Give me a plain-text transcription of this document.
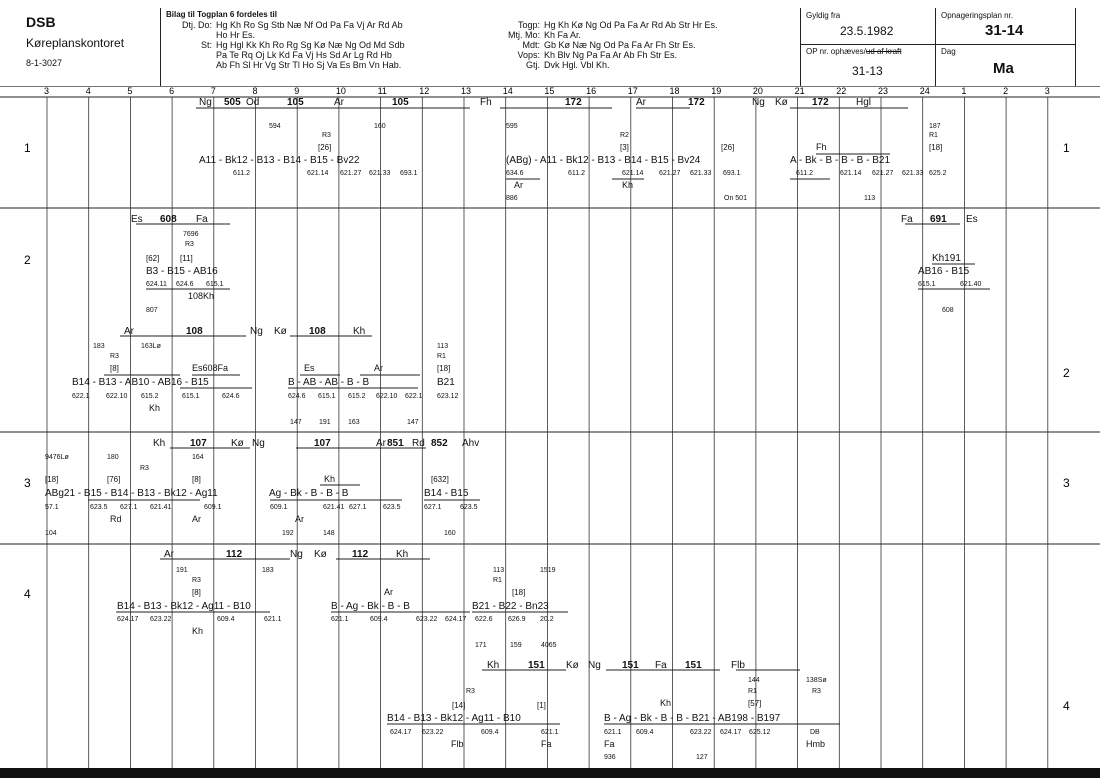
DSB
Køreplanskontoret
8-1-3027
Bilag til Togplan 6 fordeles til
Dtj. Do: Hg Kh Ro Sg Stb Næ Nf Od Pa Fa Vj Ar Rd Ab
Ho Hr Es.
St: Hg Hgl Kk Kh Ro Rg Sg Kø Næ Ng Od Md Sdb
Pa Te Rq Oj Lk Kd Fa Vj Hs Sd Ar Lg Rd Hb
Ab Fh Sl Hr Vg Str Tl Ho Sj Va Es Bm Vn Hab.
Togp: Hg Kh Kø Ng Od Pa Fa Ar Rd Ab Str Hr Es.
Mtj. Mo: Kh Fa Ar.
Mdt: Gb Kø Næ Ng Od Pa Fa Ar Fh Str Es.
Vops: Kh Blv Ng Pa Fa Ar Ab Fh Str Es.
Gtj. Dvk Hgl. Vbl Kh.
Gyldig fra
23.5.1982
OP nr. ophæves/ud af kraft
31-13
Opnageringsplan nr.
31-14
Dag
Ma
3	4	5	6	7	8	9	10	11	12	13	14	15	16	17	18	19	20	21	22	23	24	1	2	3
1
2
3
4
1
2
3
4
Ng 505 Od	105	Ar	105	Fh	172	Ar	172	Ng Kø 172	Hgl
594	160	595	187
R3	R2	R1
[26]	[3]	[26]	[18]
Fh
A11 - Bk12 - B13 - B14 - B15 - Bv22	(ABg) - A11 - Bk12 - B13 - B14 - B15 - Bv24	A - Bk - B - B - B - B21
611.2	621.14 621.27 621.33 693.1	634.6	611.2	621.14 621.27 621.33 693.1	611.2	621.14 621.27 621.33 625.2
Ar	Kh
886	On 501	113
Es 608 Fa	Fa 691 Es
7696
R3
[62]	[11]	Kh191
B3 - B15 - AB16	AB16 - B15
624.11 624.6 615.1	615.1	621.40
108Kh
807	608
Ar	108	Ng Kø 108	Kh
183	163Lø	113
R3	R1
[8]	Es608Fa	Es	Ar	[18]
B14 - B13 - AB10 - AB16 - B15	B - AB - AB - B - B	B21
622.1 622.10 615.2	615.1	624.6	624.6 615.1 615.2 622.10 622.1 623.12
Kh
147 191 163	147
Kh 107 Kø Ng	107	Ar 851 Rd 852 Ahv
9476Lø	180	164
R3
[18]	[76]	[8]	Kh	[632]
ABg21 - B15 - B14 - B13 - Bk12 - Ag11	Ag - Bk - B - B - B	B14 - B15
57.1	623.5 627.1 621.41	609.1	609.1	621.41 627.1 623.5	627.1	623.5
Rd	Ar	Ar
104	192	148	160
Ar	112	Ng Kø	112	Kh
191	183	113	1519
R3	R1
[8]	Ar	[18]
B14 - B13 - Bk12 - Ag11 - B10	B - Ag - Bk - B - B	B21 - B22 - Bn23
624.17 623.22	609.4	621.1	621.1	609.4	623.22 624.17 622.6 626.9 20.2
Kh
171	159	4065
Kh	151 Kø Ng 151 Fa 151	Flb
144	138Sø
R3	R1	R3
Kh	[57]
[14]	[1]
B14 - B13 - Bk12 - Ag11 - B10	B - Ag - Bk - B - B - B21 - AB198 - B197
624.17 623.22	609.4	621.1	621.1 609.4	623.22 624.17 625.12	DB
Flb	Fa	Fa	Hmb
936	127
